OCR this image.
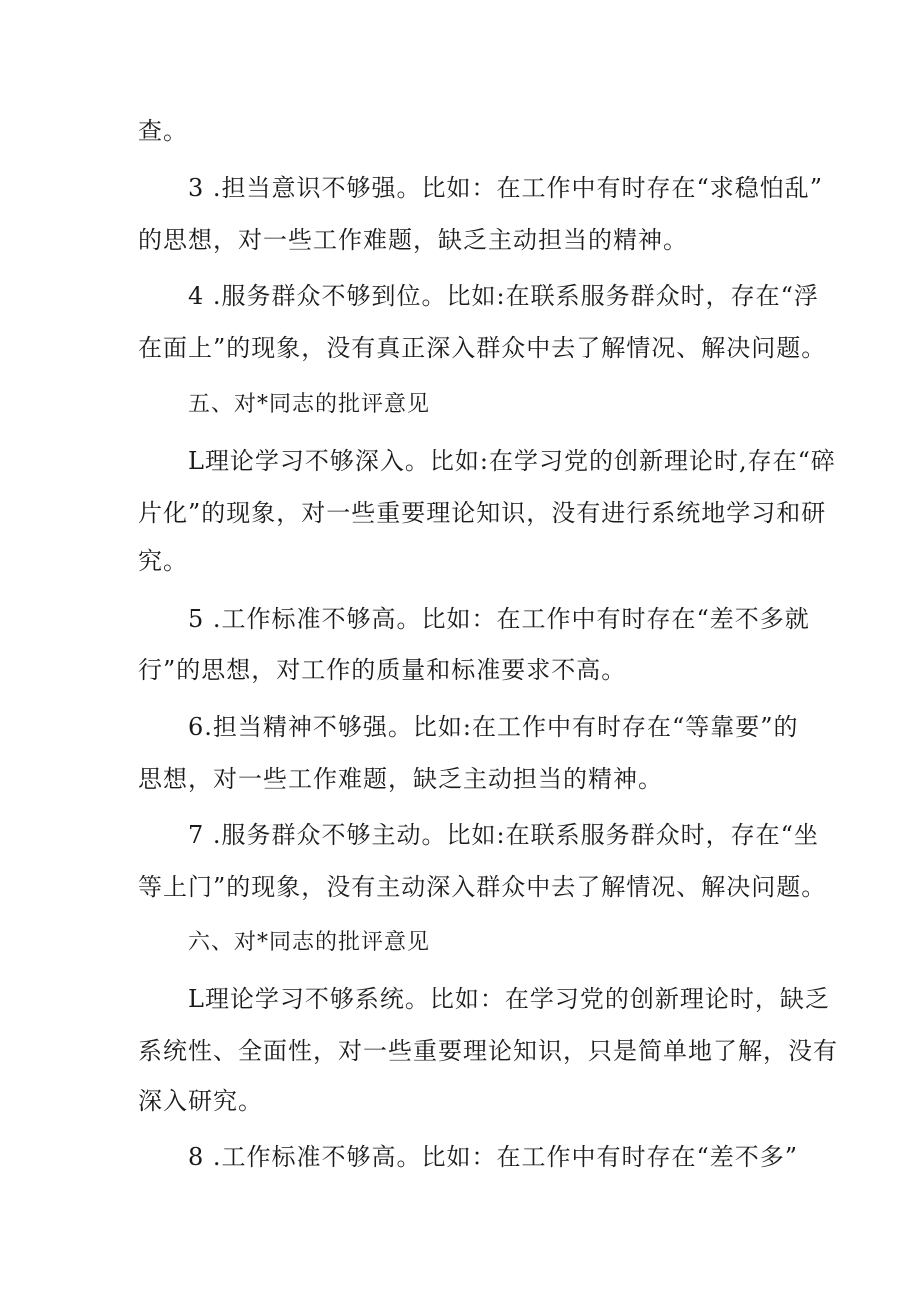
查。
3 .担当意识不够强。比如：在工作中有时存在“求稳怕乱”
的思想，对一些工作难题，缺乏主动担当的精神。
4 .服务群众不够到位。比如:在联系服务群众时，存在“浮
在面上”的现象，没有真正深入群众中去了解情况、解决问题。
五、对*同志的批评意见
L理论学习不够深入。比如:在学习党的创新理论时,存在“碎
片化”的现象，对一些重要理论知识，没有进行系统地学习和研
究。
5 .工作标准不够高。比如：在工作中有时存在“差不多就
行”的思想，对工作的质量和标准要求不高。
6.担当精神不够强。比如:在工作中有时存在“等靠要”的
思想，对一些工作难题，缺乏主动担当的精神。
7 .服务群众不够主动。比如:在联系服务群众时，存在“坐
等上门”的现象，没有主动深入群众中去了解情况、解决问题。
六、对*同志的批评意见
L理论学习不够系统。比如：在学习党的创新理论时，缺乏
系统性、全面性，对一些重要理论知识，只是简单地了解，没有
深入研究。
8 .工作标准不够高。比如：在工作中有时存在“差不多”
